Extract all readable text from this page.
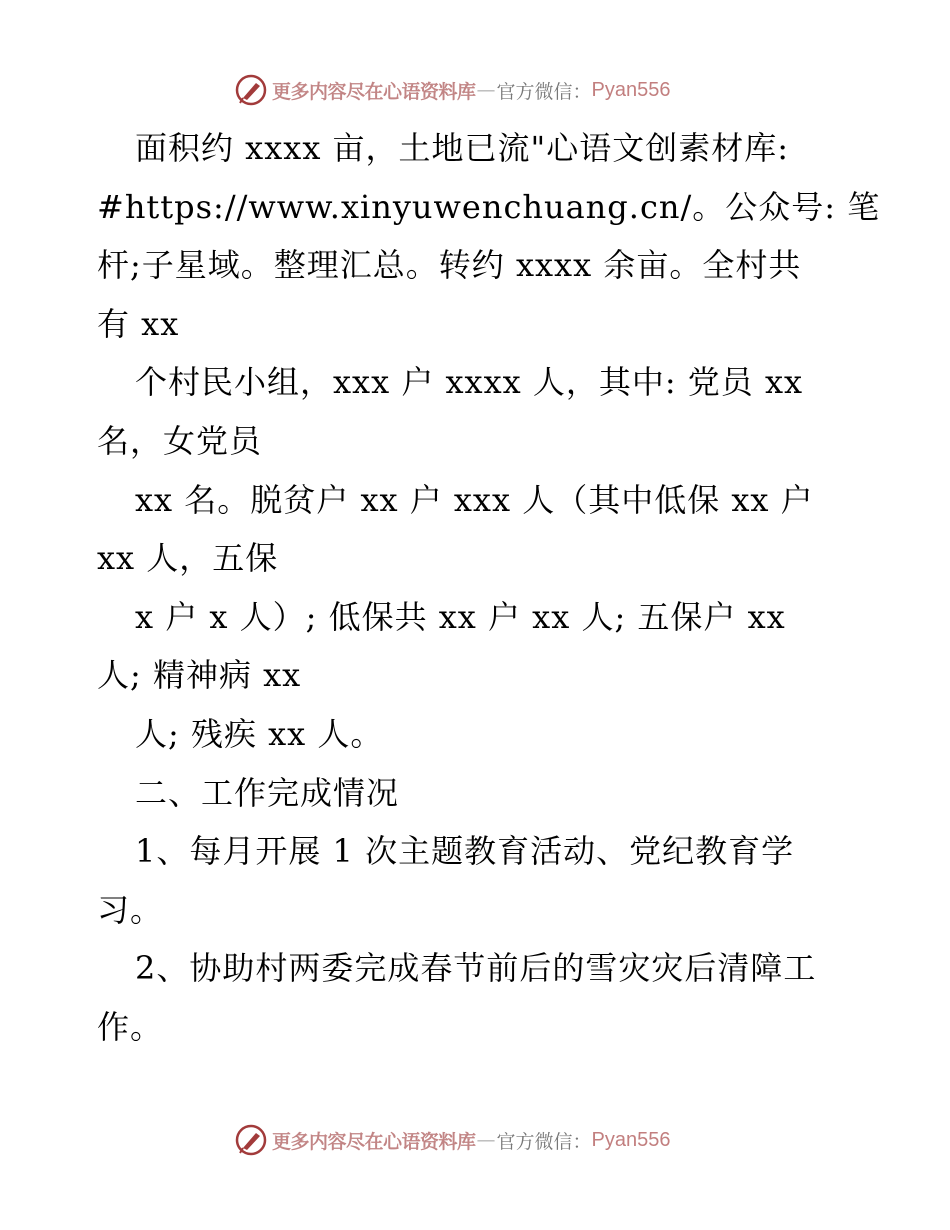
更多内容尽在心语资料库 — 官方微信： Pyan556
面积约 xxxx 亩，土地已流"心语文创素材库:
#https://www.xinyuwenchuang.cn/。公众号: 笔
杆;子星域。整理汇总。转约 xxxx 余亩。全村共
有 xx
个村民小组，xxx 户 xxxx 人，其中: 党员 xx
名，女党员
xx 名。脱贫户 xx 户 xxx 人（其中低保 xx 户
xx 人，五保
x 户 x 人）; 低保共 xx 户 xx 人; 五保户 xx
人; 精神病 xx
人; 残疾 xx 人。
二、工作完成情况
1、每月开展 1 次主题教育活动、党纪教育学
习。
2、协助村两委完成春节前后的雪灾灾后清障工
作。
更多内容尽在心语资料库 — 官方微信： Pyan556
